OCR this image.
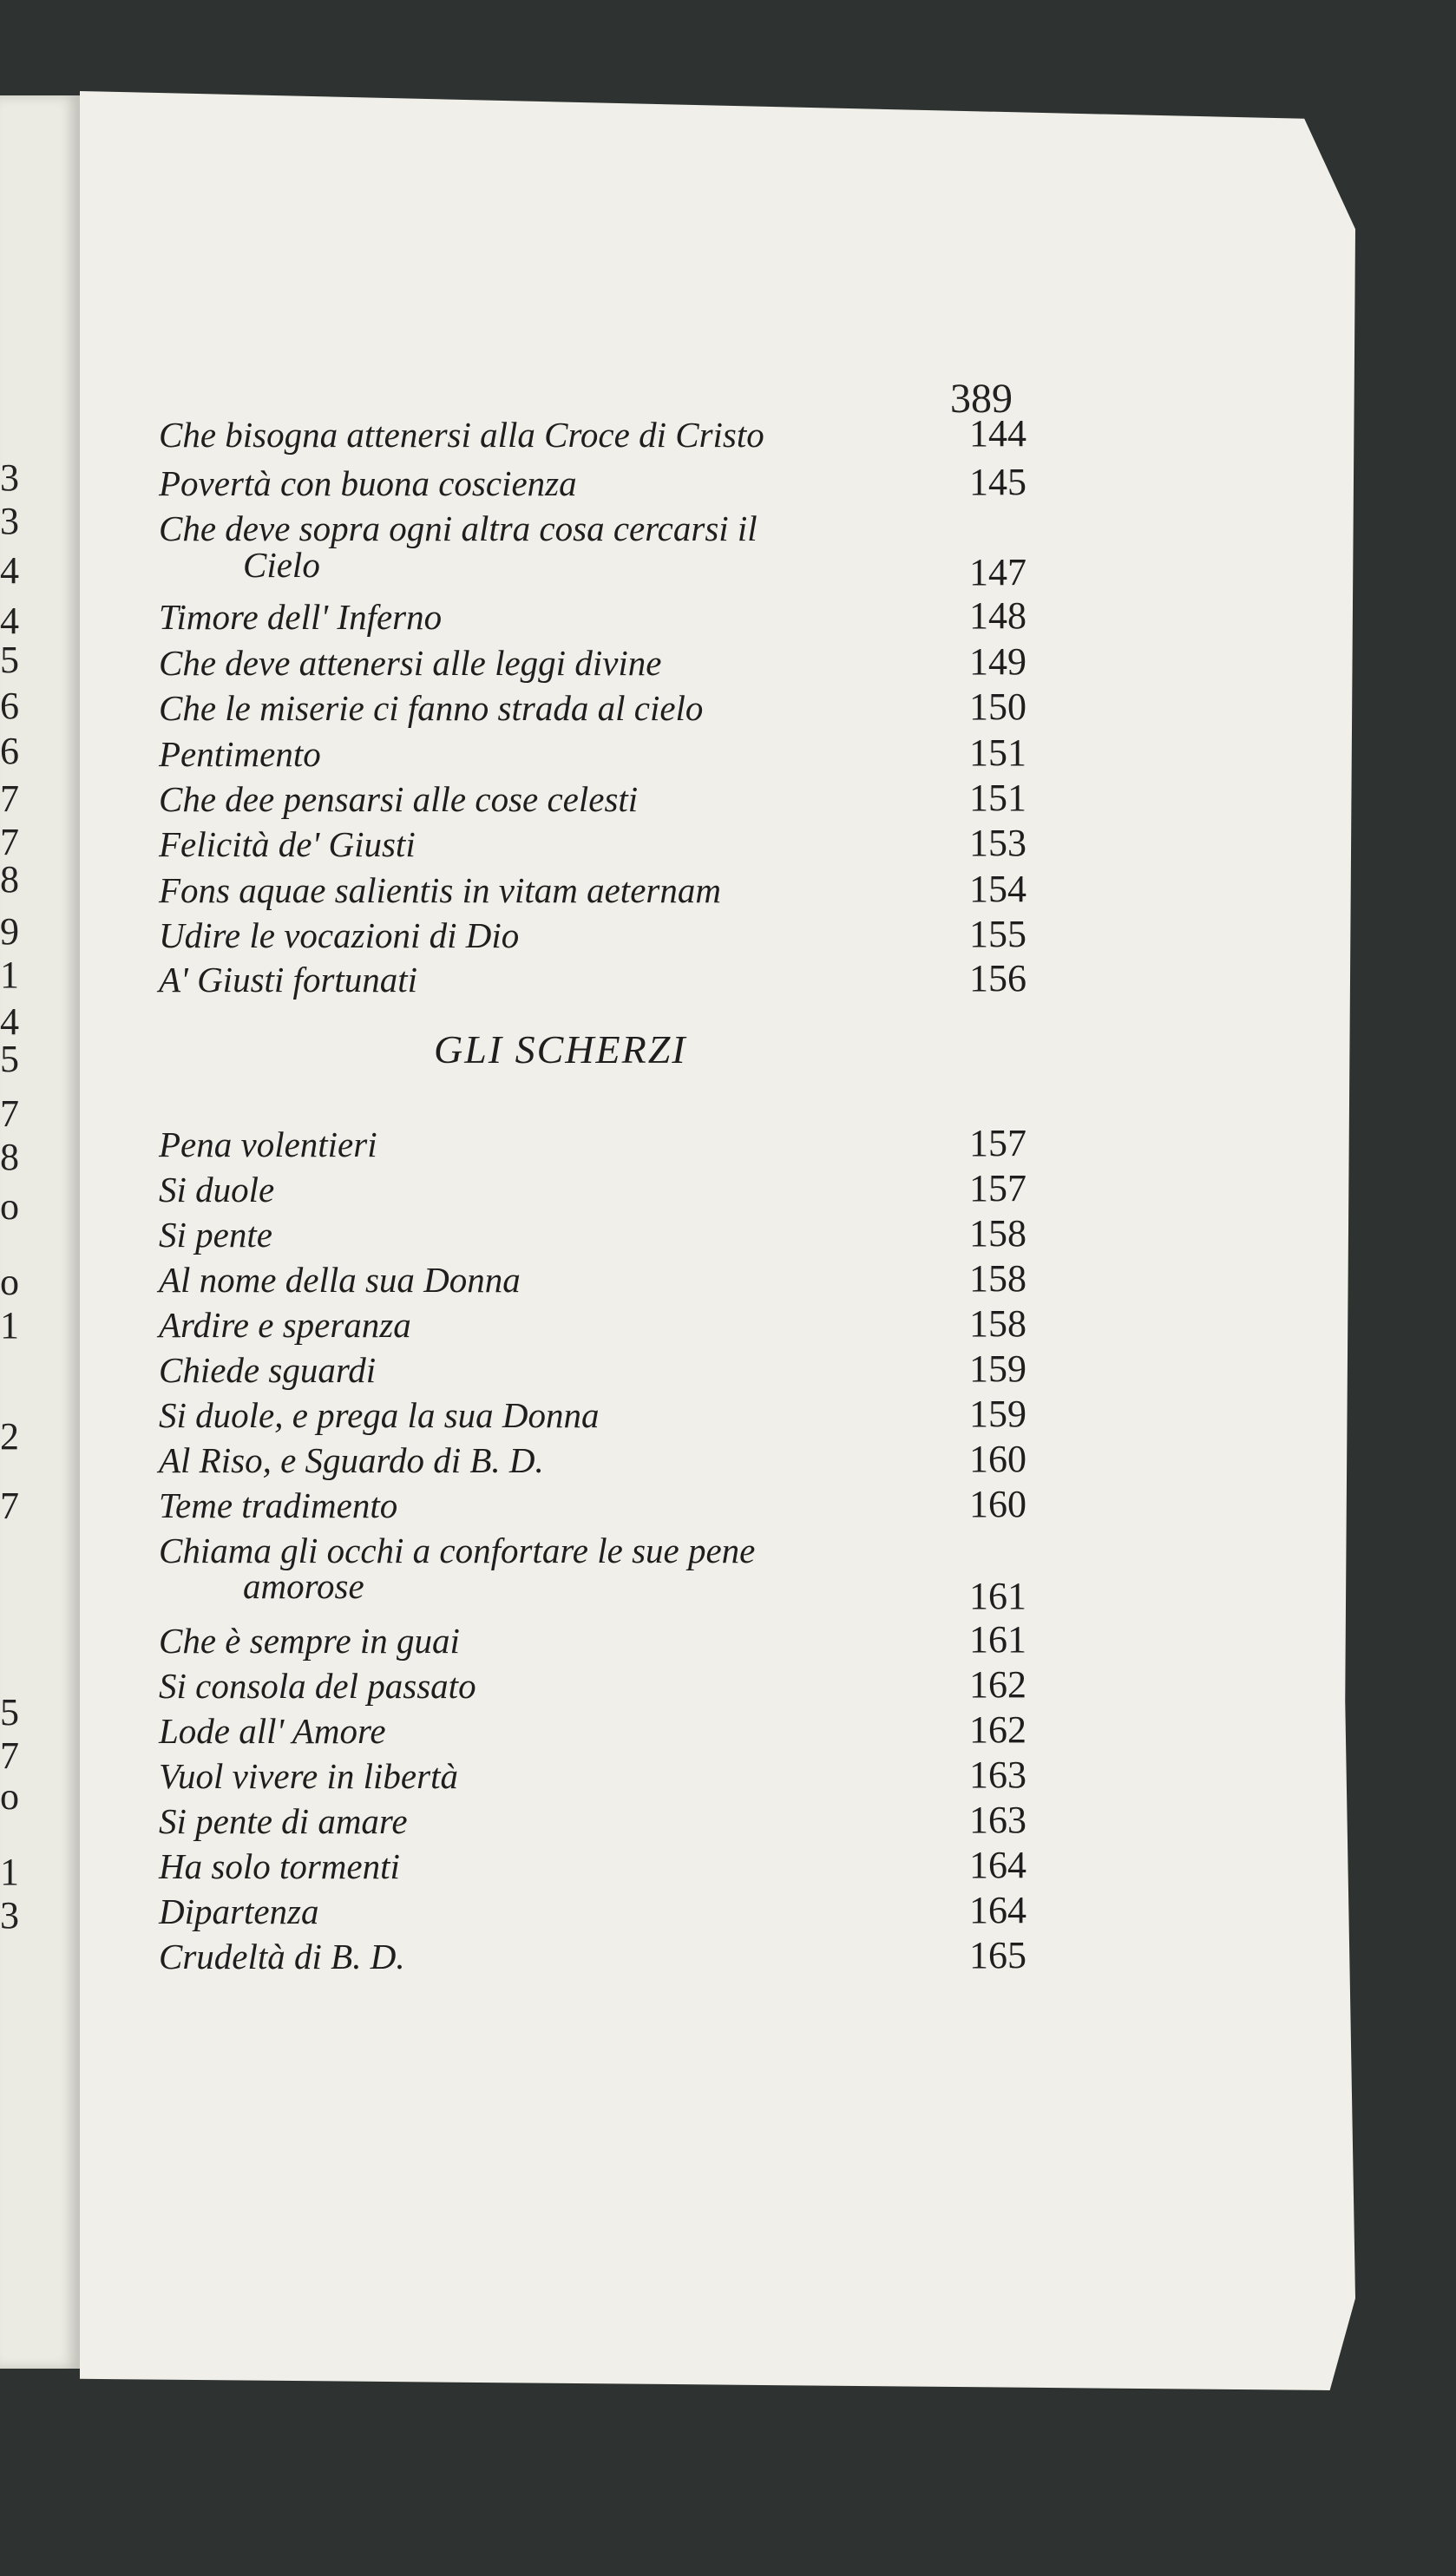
3
3
4
4
5
6
6
7
7
8
9
1
4
5
7
8
o
o
1
2
7
5
7
o
1
3
389
Che bisogna attenersi alla Croce di Cristo	144
Povertà con buona coscienza	145
Che deve sopra ogni altra cosa cercarsi il
Cielo	147
Timore dell' Inferno	148
Che deve attenersi alle leggi divine	149
Che le miserie ci fanno strada al cielo	150
Pentimento	151
Che dee pensarsi alle cose celesti	151
Felicità de' Giusti	153
Fons aquae salientis in vitam aeternam	154
Udire le vocazioni di Dio	155
A' Giusti fortunati	156
GLI SCHERZI
Pena volentieri	157
Si duole	157
Si pente	158
Al nome della sua Donna	158
Ardire e speranza	158
Chiede sguardi	159
Si duole, e prega la sua Donna	159
Al Riso, e Sguardo di B. D.	160
Teme tradimento	160
Chiama gli occhi a confortare le sue pene
amorose	161
Che è sempre in guai	161
Si consola del passato	162
Lode all' Amore	162
Vuol vivere in libertà	163
Si pente di amare	163
Ha solo tormenti	164
Dipartenza	164
Crudeltà di B. D.	165
